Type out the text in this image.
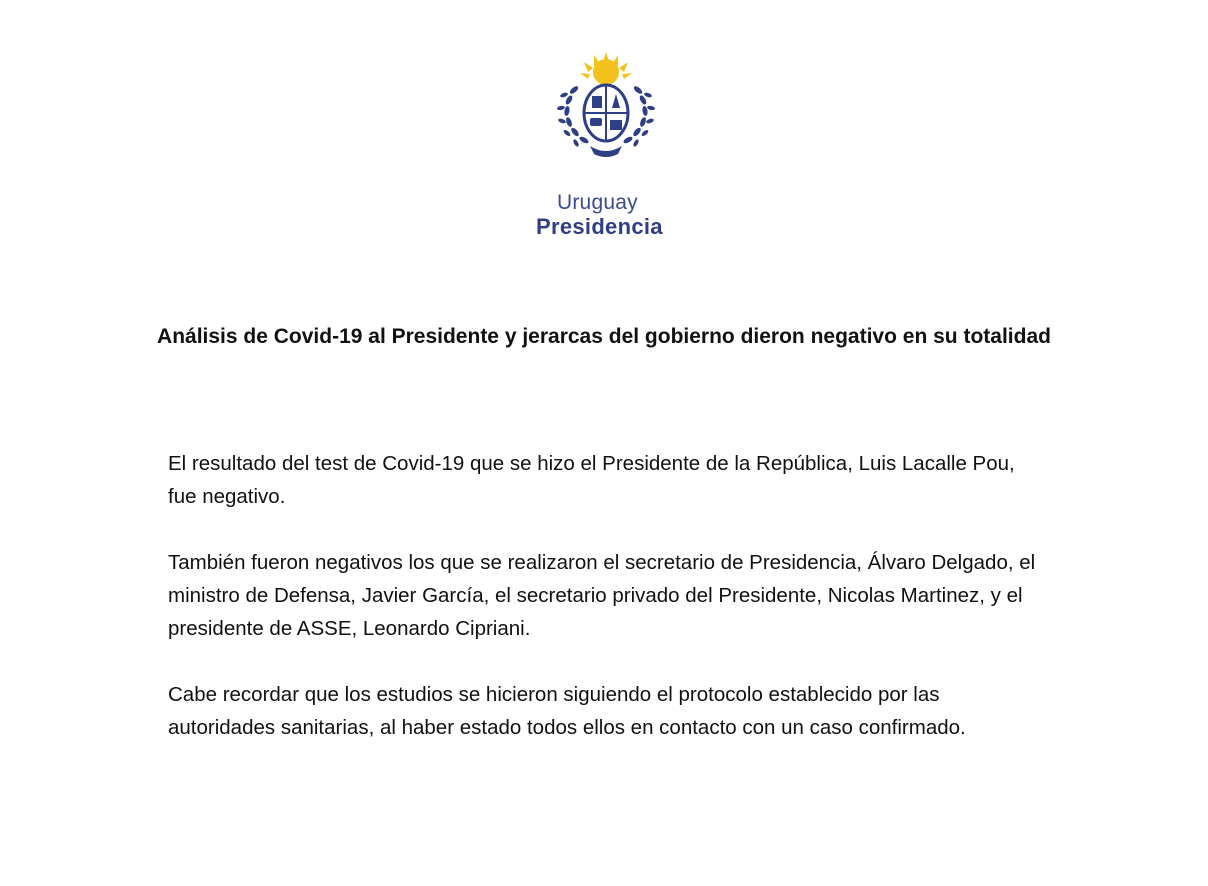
Uruguay
Presidencia
Análisis de Covid-19 al Presidente y jerarcas del gobierno dieron negativo en su totalidad

El resultado del test de Covid-19 que se hizo el Presidente de la República, Luis Lacalle Pou, fue negativo.

También fueron negativos los que se realizaron el secretario de Presidencia, Álvaro Delgado, el ministro de Defensa, Javier García, el secretario privado del Presidente, Nicolas Martinez, y el presidente de ASSE, Leonardo Cipriani.

Cabe recordar que los estudios se hicieron siguiendo el protocolo establecido por las autoridades sanitarias, al haber estado todos ellos en contacto con un caso confirmado.
